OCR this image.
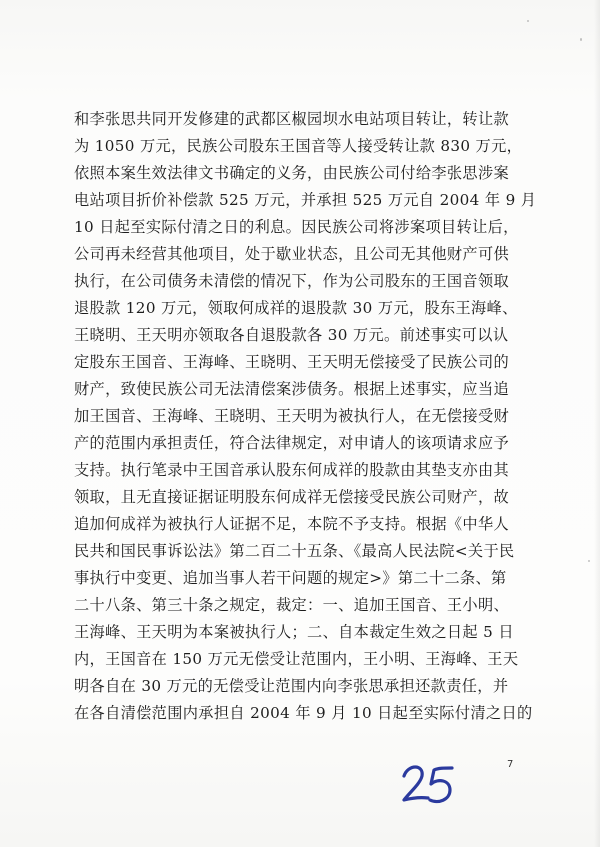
和李张思共同开发修建的武都区椒园坝水电站项目转让，转让款
为 1050 万元，民族公司股东王国音等人接受转让款 830 万元，
依照本案生效法律文书确定的义务，由民族公司付给李张思涉案
电站项目折价补偿款 525 万元，并承担 525 万元自 2004 年 9 月
10 日起至实际付清之日的利息。因民族公司将涉案项目转让后，
公司再未经营其他项目，处于歇业状态，且公司无其他财产可供
执行，在公司债务未清偿的情况下，作为公司股东的王国音领取
退股款 120 万元，领取何成祥的退股款 30 万元，股东王海峰、
王晓明、王天明亦领取各自退股款各 30 万元。前述事实可以认
定股东王国音、王海峰、王晓明、王天明无偿接受了民族公司的
财产，致使民族公司无法清偿案涉债务。根据上述事实，应当追
加王国音、王海峰、王晓明、王天明为被执行人，在无偿接受财
产的范围内承担责任，符合法律规定，对申请人的该项请求应予
支持。执行笔录中王国音承认股东何成祥的股款由其垫支亦由其
领取，且无直接证据证明股东何成祥无偿接受民族公司财产，故
追加何成祥为被执行人证据不足，本院不予支持。根据《中华人
民共和国民事诉讼法》第二百二十五条、《最高人民法院<关于民
事执行中变更、追加当事人若干问题的规定>》第二十二条、第
二十八条、第三十条之规定，裁定：一、追加王国音、王小明、
王海峰、王天明为本案被执行人；二、自本裁定生效之日起 5 日
内，王国音在 150 万元无偿受让范围内，王小明、王海峰、王天
明各自在 30 万元的无偿受让范围内向李张思承担还款责任，并
在各自清偿范围内承担自 2004 年 9 月 10 日起至实际付清之日的
7
